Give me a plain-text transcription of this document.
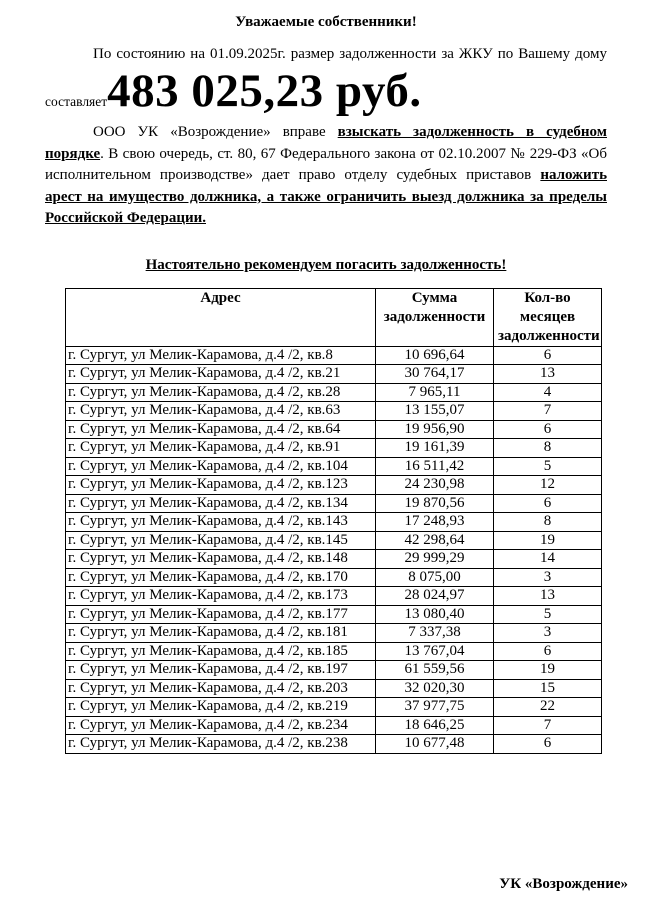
Уважаемые собственники!

По состоянию на 01.09.2025г. размер задолженности за ЖКУ по Вашему дому

составляет 483 025,23 руб.

ООО УК «Возрождение» вправе взыскать задолженность в судебном порядке. В свою очередь, ст. 80, 67 Федерального закона от 02.10.2007 № 229-ФЗ «Об исполнительном производстве» дает право отделу судебных приставов наложить арест на имущество должника, а также ограничить выезд должника за пределы Российской Федерации.

Настоятельно рекомендуем погасить задолженность!

Адрес	Сумма задолженности	Кол-во месяцев задолженности
г. Сургут, ул Мелик-Карамова, д.4 /2, кв.8	10 696,64	6
г. Сургут, ул Мелик-Карамова, д.4 /2, кв.21	30 764,17	13
г. Сургут, ул Мелик-Карамова, д.4 /2, кв.28	7 965,11	4
г. Сургут, ул Мелик-Карамова, д.4 /2, кв.63	13 155,07	7
г. Сургут, ул Мелик-Карамова, д.4 /2, кв.64	19 956,90	6
г. Сургут, ул Мелик-Карамова, д.4 /2, кв.91	19 161,39	8
г. Сургут, ул Мелик-Карамова, д.4 /2, кв.104	16 511,42	5
г. Сургут, ул Мелик-Карамова, д.4 /2, кв.123	24 230,98	12
г. Сургут, ул Мелик-Карамова, д.4 /2, кв.134	19 870,56	6
г. Сургут, ул Мелик-Карамова, д.4 /2, кв.143	17 248,93	8
г. Сургут, ул Мелик-Карамова, д.4 /2, кв.145	42 298,64	19
г. Сургут, ул Мелик-Карамова, д.4 /2, кв.148	29 999,29	14
г. Сургут, ул Мелик-Карамова, д.4 /2, кв.170	8 075,00	3
г. Сургут, ул Мелик-Карамова, д.4 /2, кв.173	28 024,97	13
г. Сургут, ул Мелик-Карамова, д.4 /2, кв.177	13 080,40	5
г. Сургут, ул Мелик-Карамова, д.4 /2, кв.181	7 337,38	3
г. Сургут, ул Мелик-Карамова, д.4 /2, кв.185	13 767,04	6
г. Сургут, ул Мелик-Карамова, д.4 /2, кв.197	61 559,56	19
г. Сургут, ул Мелик-Карамова, д.4 /2, кв.203	32 020,30	15
г. Сургут, ул Мелик-Карамова, д.4 /2, кв.219	37 977,75	22
г. Сургут, ул Мелик-Карамова, д.4 /2, кв.234	18 646,25	7
г. Сургут, ул Мелик-Карамова, д.4 /2, кв.238	10 677,48	6
УК «Возрождение»
